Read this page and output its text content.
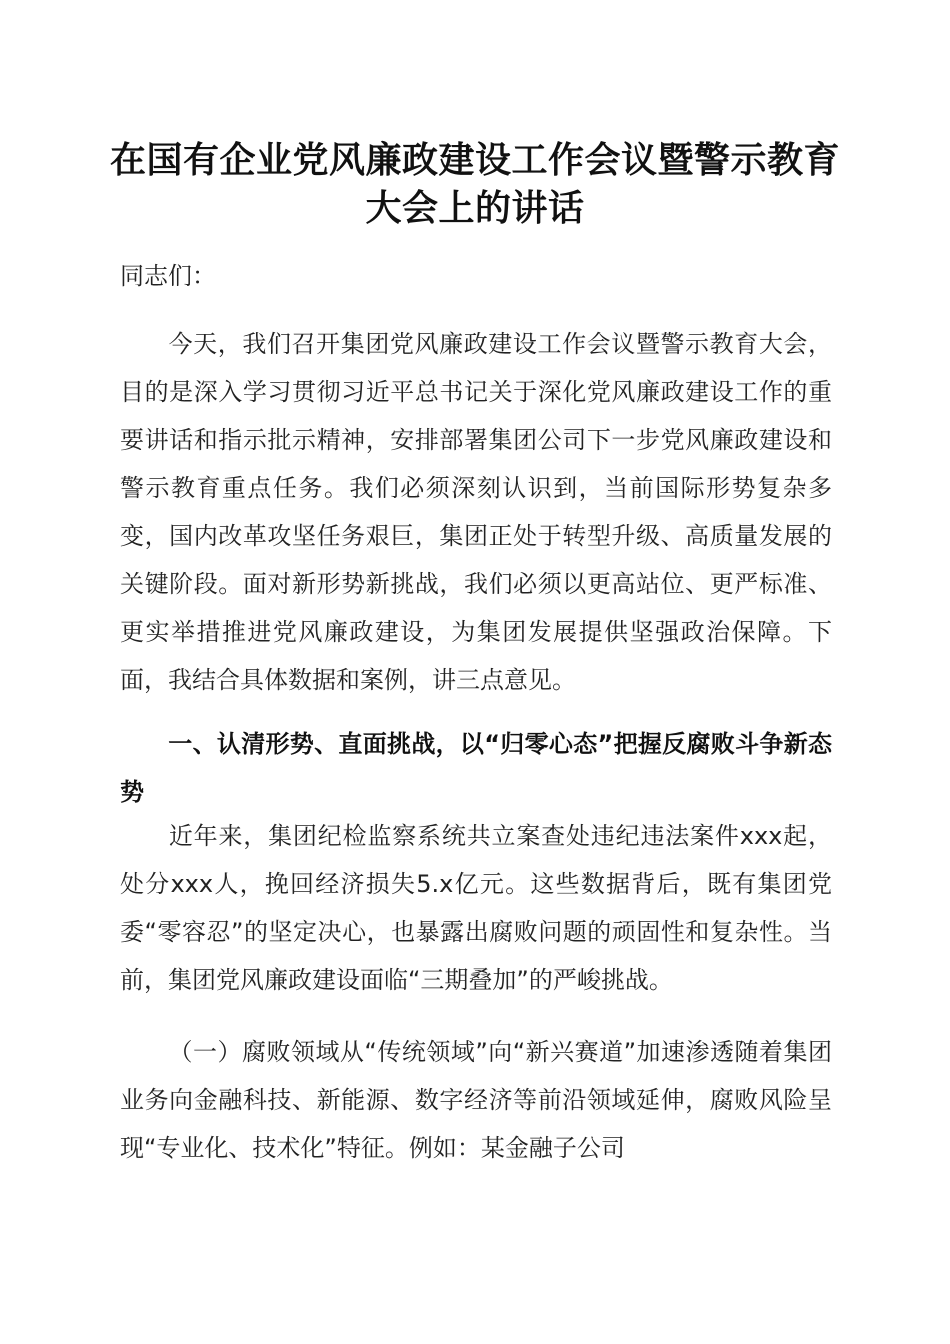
在国有企业党风廉政建设工作会议暨警示教育
大会上的讲话
同志们：
今天，我们召开集团党风廉政建设工作会议暨警示教育大会，目的是深入学习贯彻习近平总书记关于深化党风廉政建设工作的重要讲话和指示批示精神，安排部署集团公司下一步党风廉政建设和警示教育重点任务。我们必须深刻认识到，当前国际形势复杂多变，国内改革攻坚任务艰巨，集团正处于转型升级、高质量发展的关键阶段。面对新形势新挑战，我们必须以更高站位、更严标准、更实举措推进党风廉政建设，为集团发展提供坚强政治保障。下面，我结合具体数据和案例，讲三点意见。
一、认清形势、直面挑战，以“归零心态”把握反腐败斗争新态势
近年来，集团纪检监察系统共立案查处违纪违法案件xxx起，处分xxx人，挽回经济损失5.x亿元。这些数据背后，既有集团党委“零容忍”的坚定决心，也暴露出腐败问题的顽固性和复杂性。当前，集团党风廉政建设面临“三期叠加”的严峻挑战。
（一）腐败领域从“传统领域”向“新兴赛道”加速渗透随着集团业务向金融科技、新能源、数字经济等前沿领域延伸，腐败风险呈现“专业化、技术化”特征。例如：某金融子公司
